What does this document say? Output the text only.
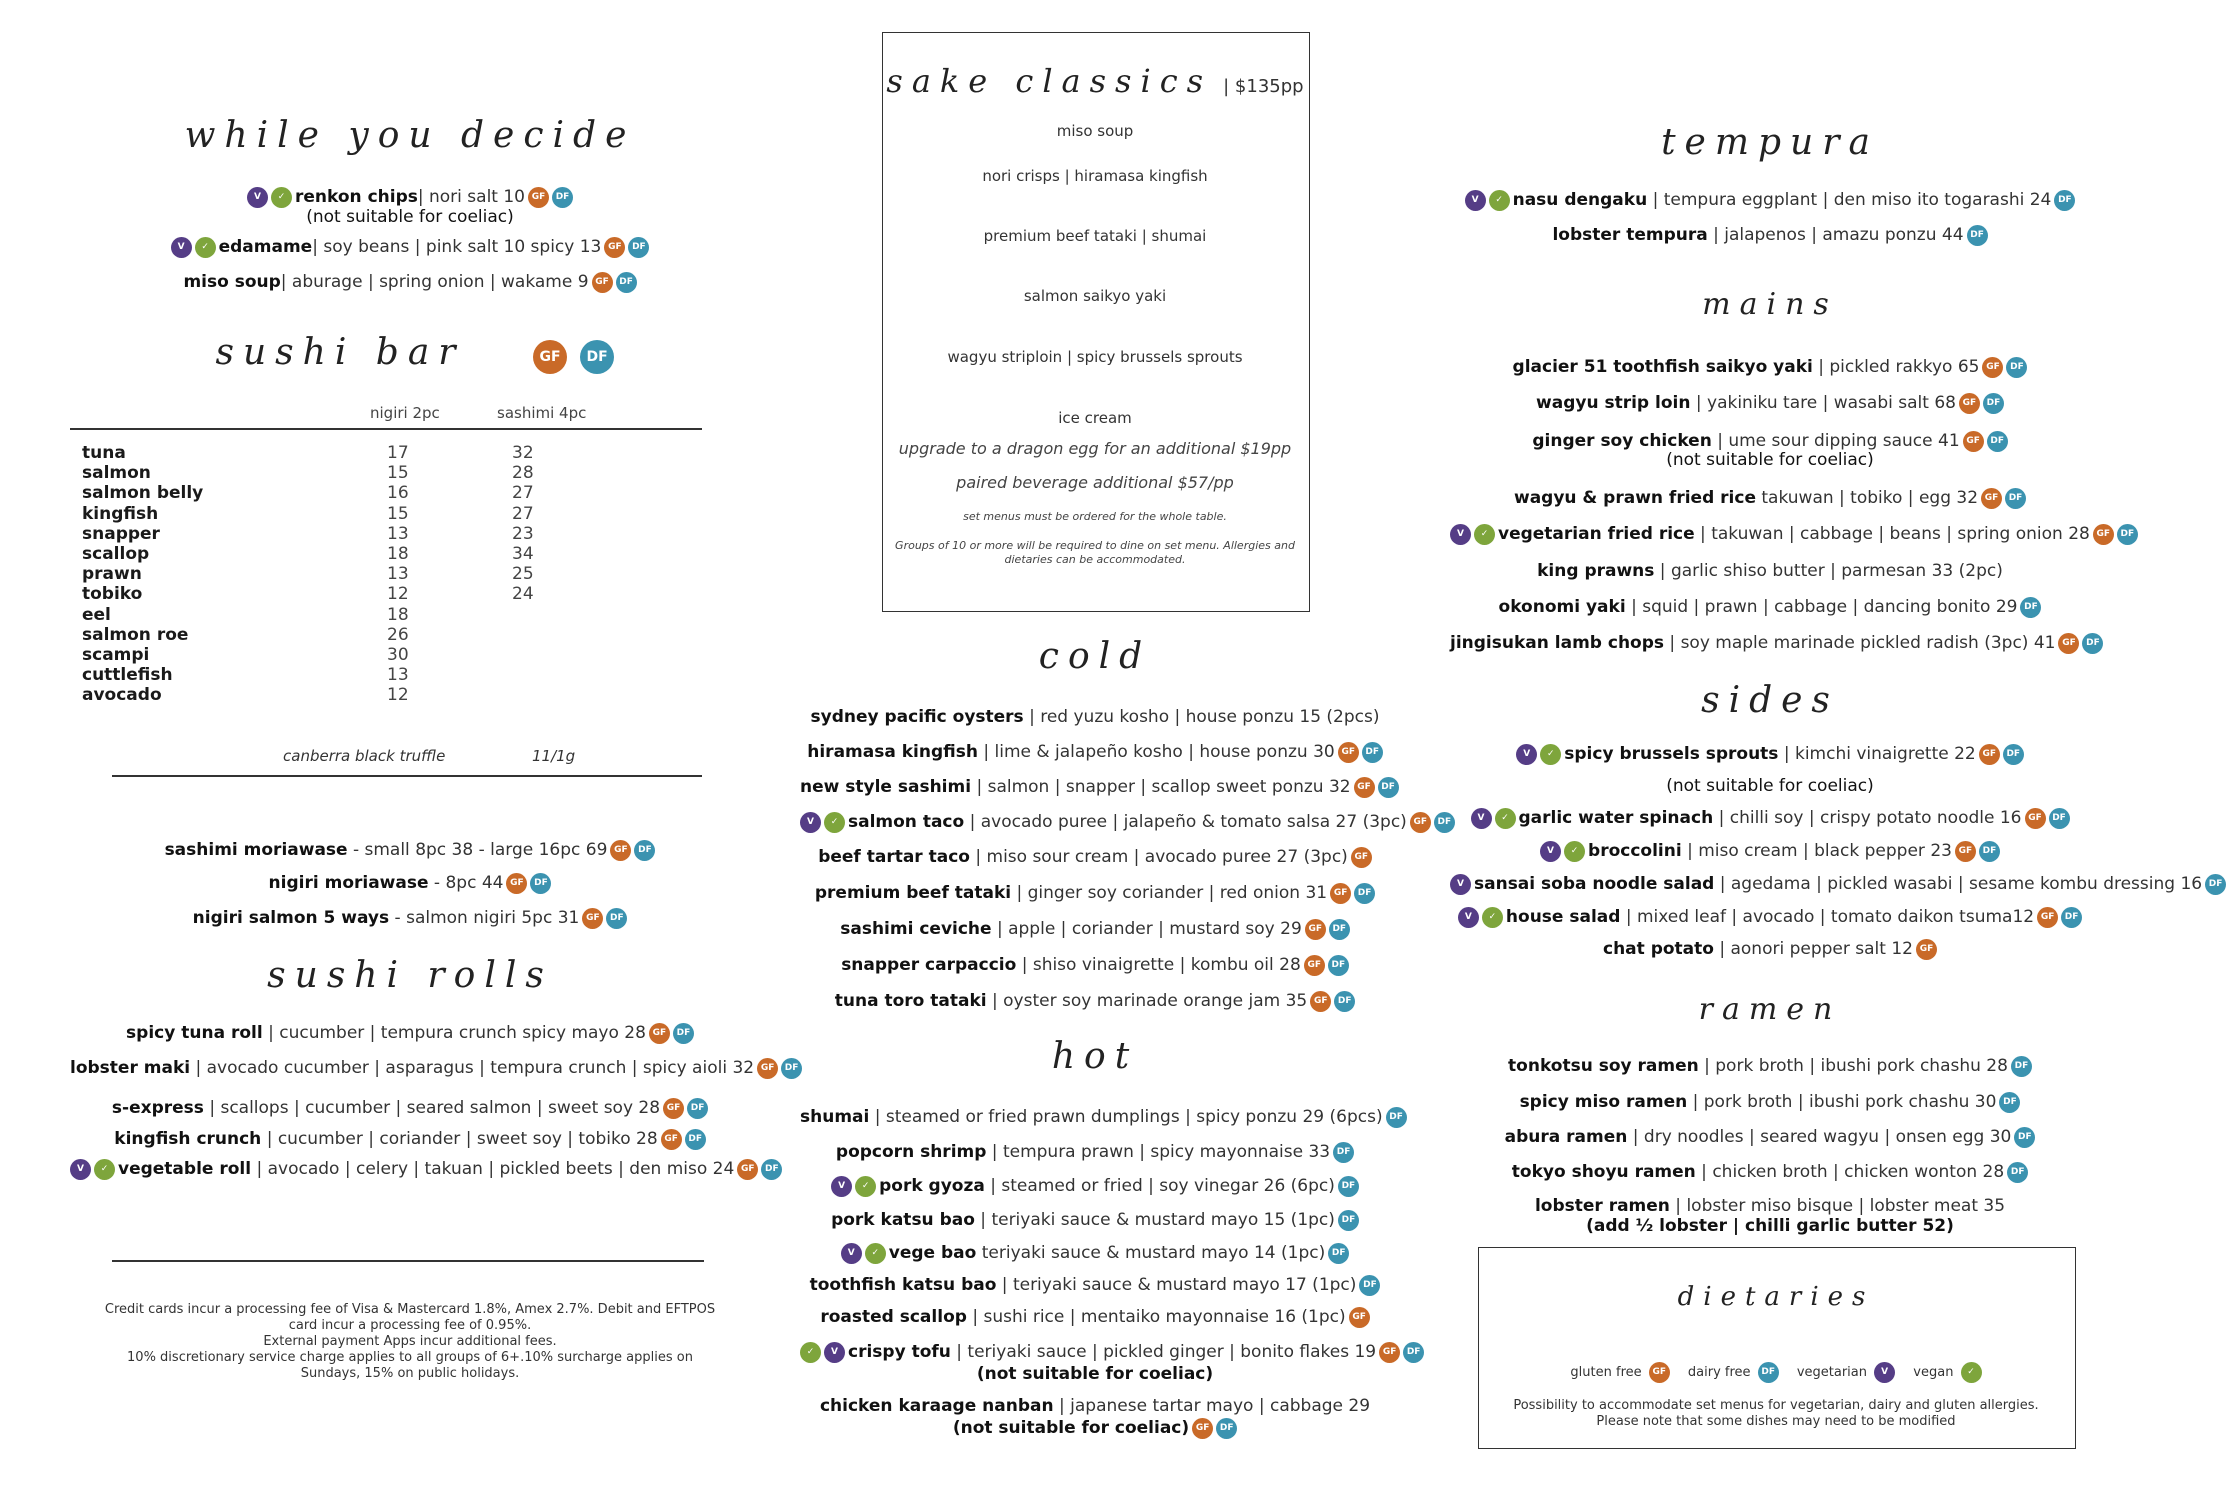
while you decide
V ✓ renkon chips| nori salt 10 GF DF
(not suitable for coeliac)
V ✓ edamame| soy beans | pink salt 10 spicy 13 GF DF
miso soup| aburage | spring onion | wakame 9 GF DF
sushi bar	GF DF
nigiri 2pc	sashimi 4pc
tuna	17	32
salmon	15	28
salmon belly	16	27
kingfish	15	27
snapper	13	23
scallop	18	34
prawn	13	25
tobiko	12	24
eel	18
salmon roe	26
scampi	30
cuttlefish	13
avocado	12
canberra black truffle	11/1g
sashimi moriawase - small 8pc 38 - large 16pc 69 GF DF
nigiri moriawase - 8pc 44 GF DF
nigiri salmon 5 ways - salmon nigiri 5pc 31 GF DF
sushi rolls
spicy tuna roll | cucumber | tempura crunch spicy mayo 28 GF DF
lobster maki | avocado cucumber | asparagus | tempura crunch | spicy aioli 32 GF DF
s-express | scallops | cucumber | seared salmon | sweet soy 28 GF DF
kingfish crunch | cucumber | coriander | sweet soy | tobiko 28 GF DF
V ✓ vegetable roll | avocado | celery | takuan | pickled beets | den miso 24 GF DF
Credit cards incur a processing fee of Visa & Mastercard 1.8%, Amex 2.7%. Debit and EFTPOS
card incur a processing fee of 0.95%.
External payment Apps incur additional fees.
10% discretionary service charge applies to all groups of 6+.10% surcharge applies on
Sundays, 15% on public holidays.
sake classics | $135pp
miso soup
nori crisps | hiramasa kingfish
premium beef tataki | shumai
salmon saikyo yaki
wagyu striploin | spicy brussels sprouts
ice cream
upgrade to a dragon egg for an additional $19pp
paired beverage additional $57/pp
set menus must be ordered for the whole table.
Groups of 10 or more will be required to dine on set menu. Allergies and
dietaries can be accommodated.
cold
sydney pacific oysters | red yuzu kosho | house ponzu 15 (2pcs)
hiramasa kingfish | lime & jalapeño kosho | house ponzu 30 GF DF
new style sashimi | salmon | snapper | scallop sweet ponzu 32 GF DF
V ✓ salmon taco | avocado puree | jalapeño & tomato salsa 27 (3pc) GF DF
beef tartar taco | miso sour cream | avocado puree 27 (3pc) GF
premium beef tataki | ginger soy coriander | red onion 31 GF DF
sashimi ceviche | apple | coriander | mustard soy 29 GF DF
snapper carpaccio | shiso vinaigrette | kombu oil 28 GF DF
tuna toro tataki | oyster soy marinade orange jam 35 GF DF
hot
shumai | steamed or fried prawn dumplings | spicy ponzu 29 (6pcs) DF
popcorn shrimp | tempura prawn | spicy mayonnaise 33 DF
V ✓ pork gyoza | steamed or fried | soy vinegar 26 (6pc) DF
pork katsu bao | teriyaki sauce & mustard mayo 15 (1pc) DF
V ✓ vege bao teriyaki sauce & mustard mayo 14 (1pc) DF
toothfish katsu bao | teriyaki sauce & mustard mayo 17 (1pc) DF
roasted scallop | sushi rice | mentaiko mayonnaise 16 (1pc) GF
✓ V crispy tofu | teriyaki sauce | pickled ginger | bonito flakes 19 GF DF
(not suitable for coeliac)
chicken karaage nanban | japanese tartar mayo | cabbage 29
(not suitable for coeliac) GF DF
tempura
V ✓ nasu dengaku | tempura eggplant | den miso ito togarashi 24 DF
lobster tempura | jalapenos | amazu ponzu 44 DF
mains
glacier 51 toothfish saikyo yaki | pickled rakkyo 65 GF DF
wagyu strip loin | yakiniku tare | wasabi salt 68 GF DF
ginger soy chicken | ume sour dipping sauce 41 GF DF
(not suitable for coeliac)
wagyu & prawn fried rice takuwan | tobiko | egg 32 GF DF
V ✓ vegetarian fried rice | takuwan | cabbage | beans | spring onion 28 GF DF
king prawns | garlic shiso butter | parmesan 33 (2pc)
okonomi yaki | squid | prawn | cabbage | dancing bonito 29 DF
jingisukan lamb chops | soy maple marinade pickled radish (3pc) 41 GF DF
sides
V ✓ spicy brussels sprouts | kimchi vinaigrette 22 GF DF
(not suitable for coeliac)
V ✓ garlic water spinach | chilli soy | crispy potato noodle 16 GF DF
V ✓ broccolini | miso cream | black pepper 23 GF DF
V sansai soba noodle salad | agedama | pickled wasabi | sesame kombu dressing 16 DF
V ✓ house salad | mixed leaf | avocado | tomato daikon tsuma12 GF DF
chat potato | aonori pepper salt 12 GF
ramen
tonkotsu soy ramen | pork broth | ibushi pork chashu 28 DF
spicy miso ramen | pork broth | ibushi pork chashu 30 DF
abura ramen | dry noodles | seared wagyu | onsen egg 30 DF
tokyo shoyu ramen | chicken broth | chicken wonton 28 DF
lobster ramen | lobster miso bisque | lobster meat 35
(add ½ lobster | chilli garlic butter 52)
dietaries
gluten free GF dairy free DF vegetarian V vegan ✓
Possibility to accommodate set menus for vegetarian, dairy and gluten allergies.
Please note that some dishes may need to be modified
